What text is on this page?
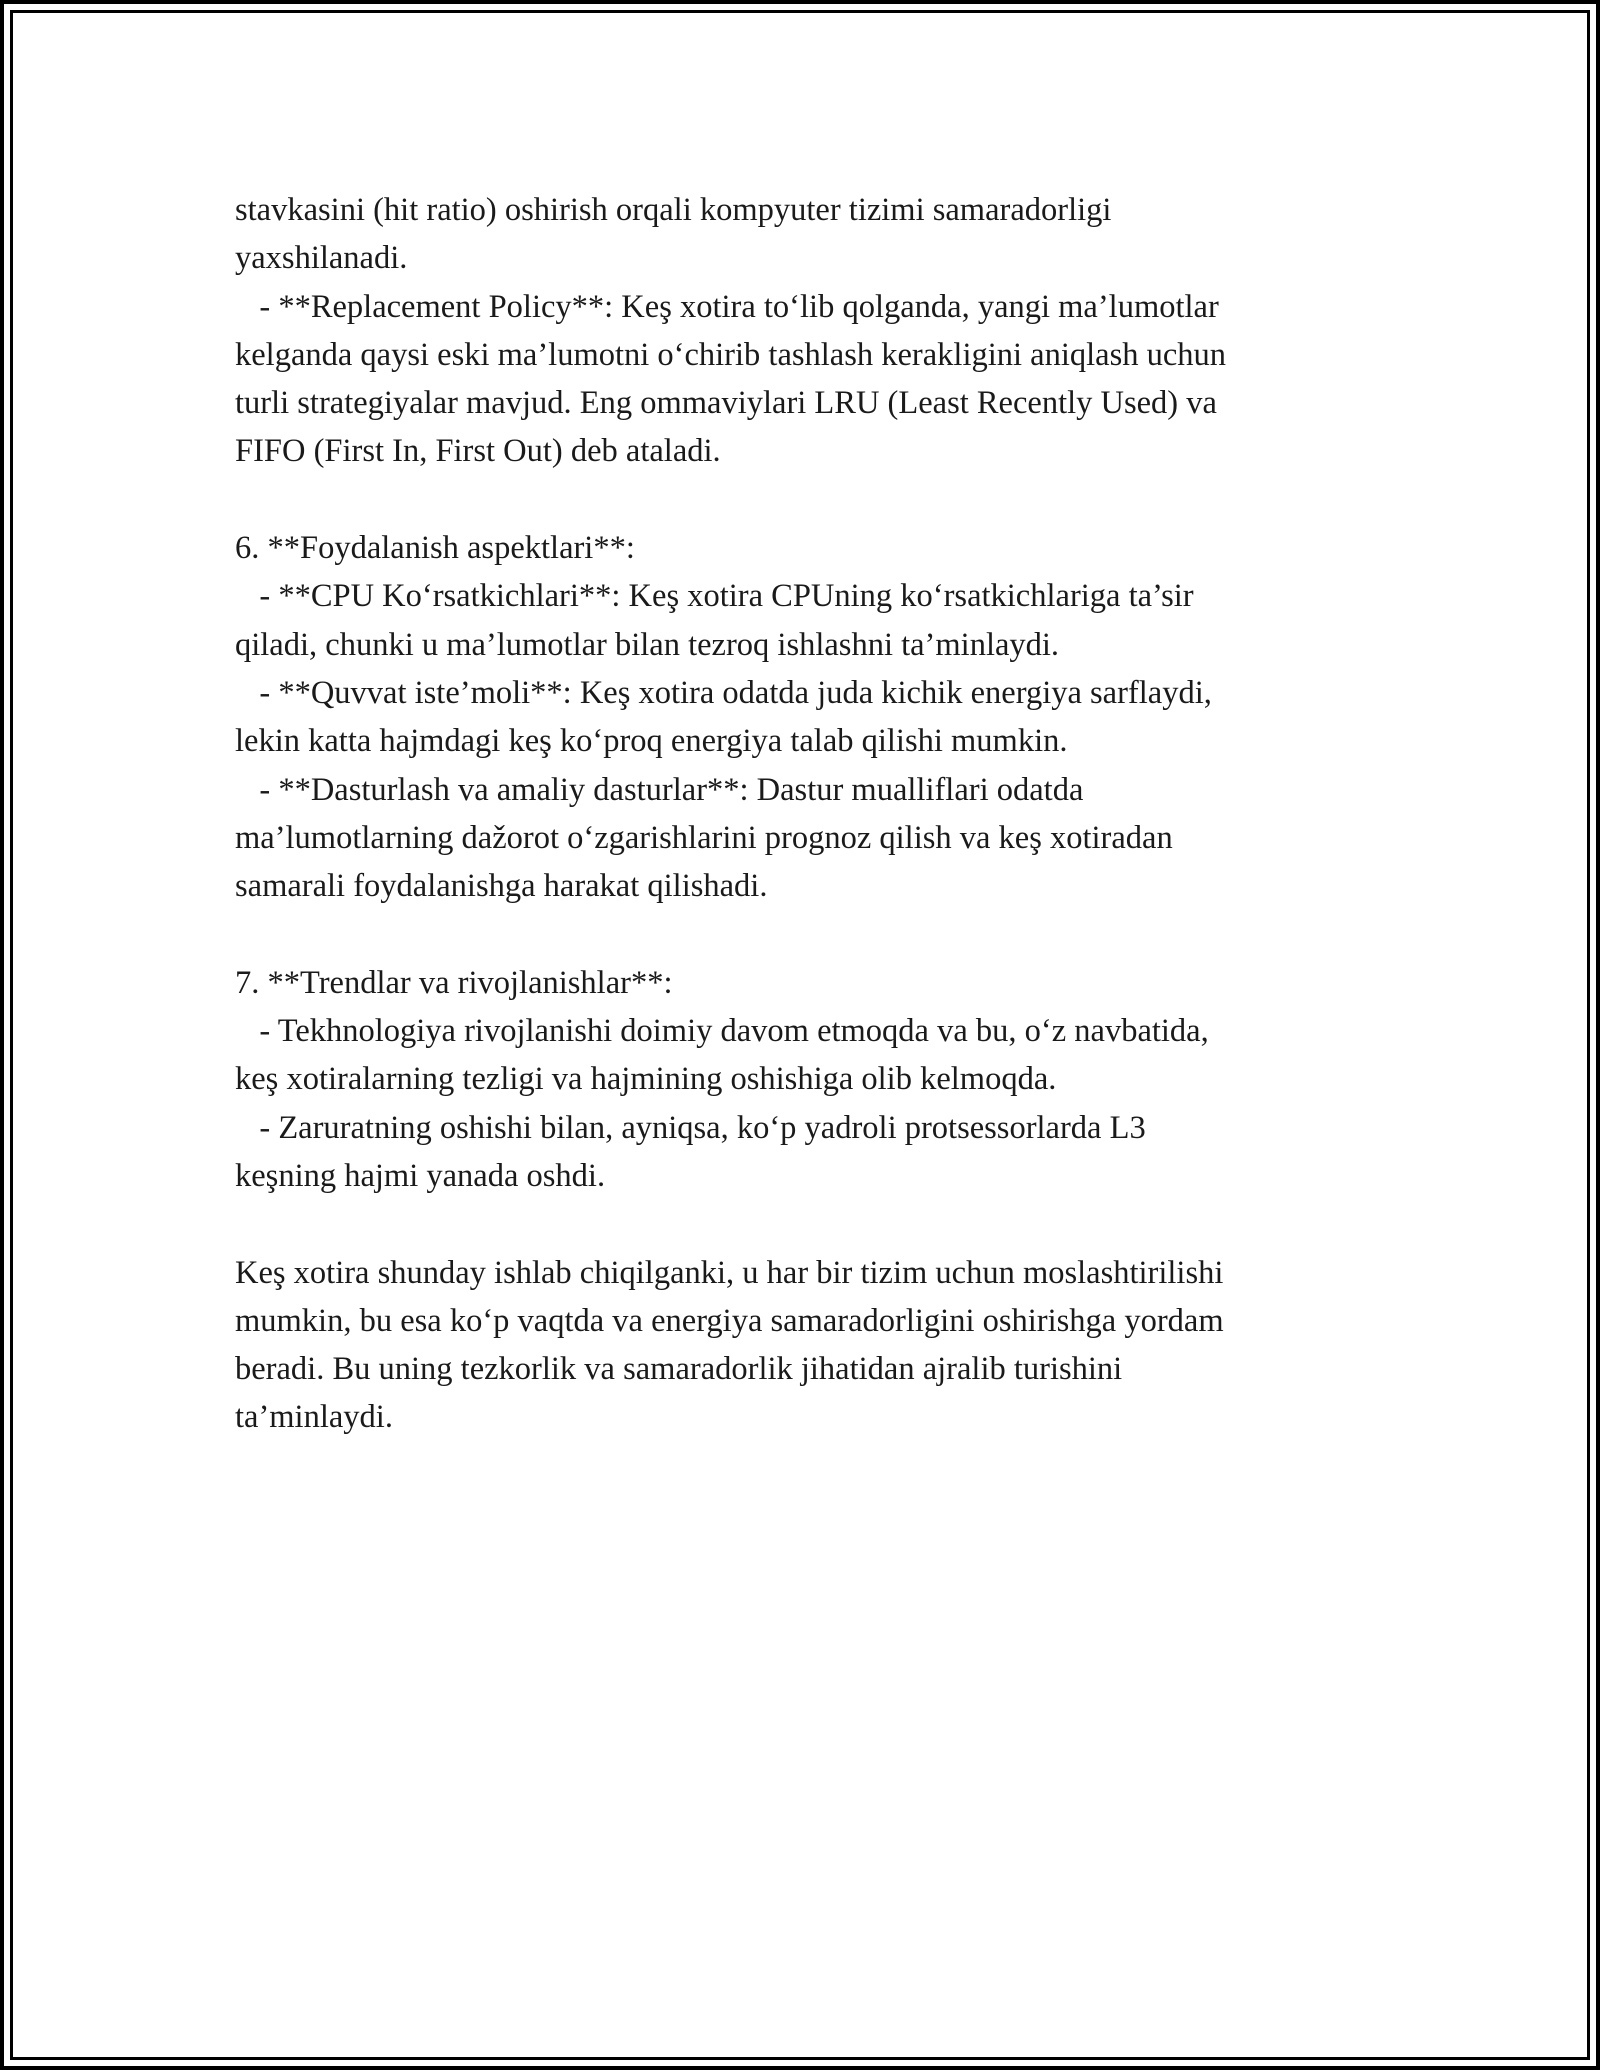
stavkasini (hit ratio) oshirish orqali kompyuter tizimi samaradorligi
yaxshilanadi.
- **Replacement Policy**: Keş xotira to‘lib qolganda, yangi ma’lumotlar
kelganda qaysi eski ma’lumotni o‘chirib tashlash kerakligini aniqlash uchun
turli strategiyalar mavjud. Eng ommaviylari LRU (Least Recently Used) va
FIFO (First In, First Out) deb ataladi.
6. **Foydalanish aspektlari**:
- **CPU Ko‘rsatkichlari**: Keş xotira CPUning ko‘rsatkichlariga ta’sir
qiladi, chunki u ma’lumotlar bilan tezroq ishlashni ta’minlaydi.
- **Quvvat iste’moli**: Keş xotira odatda juda kichik energiya sarflaydi,
lekin katta hajmdagi keş ko‘proq energiya talab qilishi mumkin.
- **Dasturlash va amaliy dasturlar**: Dastur mualliflari odatda
ma’lumotlarning dažorot o‘zgarishlarini prognoz qilish va keş xotiradan
samarali foydalanishga harakat qilishadi.
7. **Trendlar va rivojlanishlar**:
- Tekhnologiya rivojlanishi doimiy davom etmoqda va bu, o‘z navbatida,
keş xotiralarning tezligi va hajmining oshishiga olib kelmoqda.
- Zaruratning oshishi bilan, ayniqsa, ko‘p yadroli protsessorlarda L3
keşning hajmi yanada oshdi.
Keş xotira shunday ishlab chiqilganki, u har bir tizim uchun moslashtirilishi
mumkin, bu esa ko‘p vaqtda va energiya samaradorligini oshirishga yordam
beradi. Bu uning tezkorlik va samaradorlik jihatidan ajralib turishini
ta’minlaydi.
